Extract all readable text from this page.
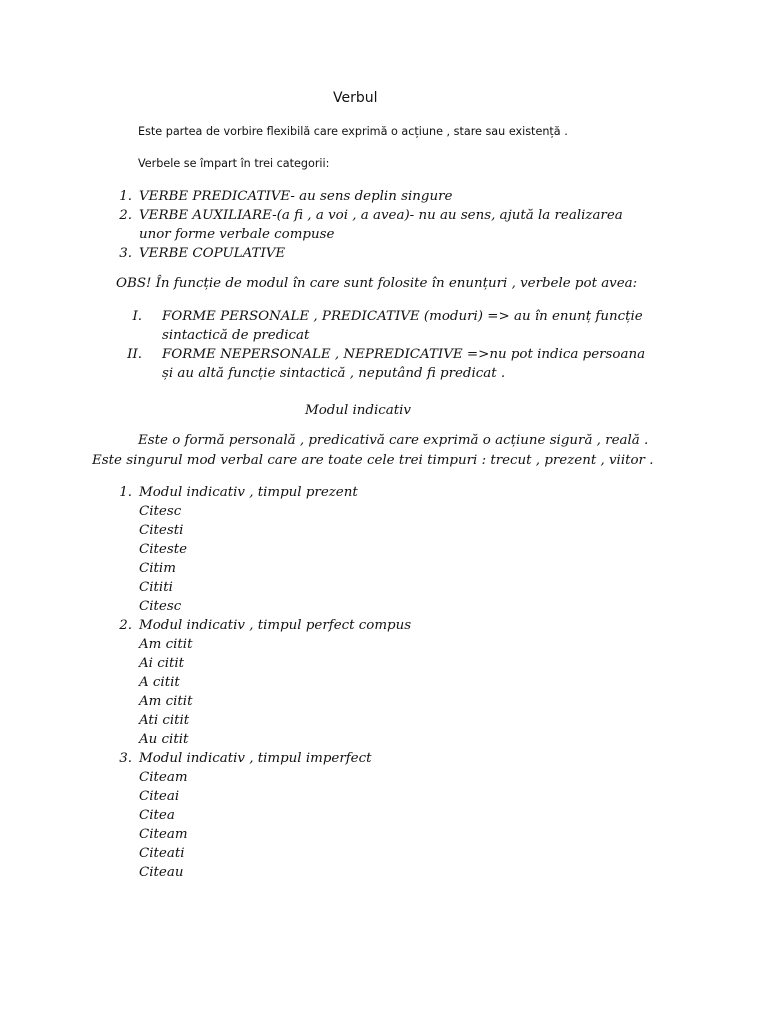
Verbul
Este partea de vorbire flexibilă care exprimă o acțiune , stare sau existență .
Verbele se împart în trei categorii:
1. VERBE PREDICATIVE- au sens deplin singure
2. VERBE AUXILIARE-(a fi , a voi , a avea)- nu au sens, ajută la realizarea
unor forme verbale compuse
3. VERBE COPULATIVE
OBS! În funcție de modul în care sunt folosite în enunțuri , verbele pot avea:
I. FORME PERSONALE , PREDICATIVE (moduri) => au în enunț funcție
sintactică de predicat
II. FORME NEPERSONALE , NEPREDICATIVE =>nu pot indica persoana
și au altă funcție sintactică , neputând fi predicat .
Modul indicativ
Este o formă personală , predicativă care exprimă o acțiune sigură , reală .
Este singurul mod verbal care are toate cele trei timpuri : trecut , prezent , viitor .
1. Modul indicativ , timpul prezent
Citesc
Citesti
Citeste
Citim
Cititi
Citesc
2. Modul indicativ , timpul perfect compus
Am citit
Ai citit
A citit
Am citit
Ati citit
Au citit
3. Modul indicativ , timpul imperfect
Citeam
Citeai
Citea
Citeam
Citeati
Citeau
